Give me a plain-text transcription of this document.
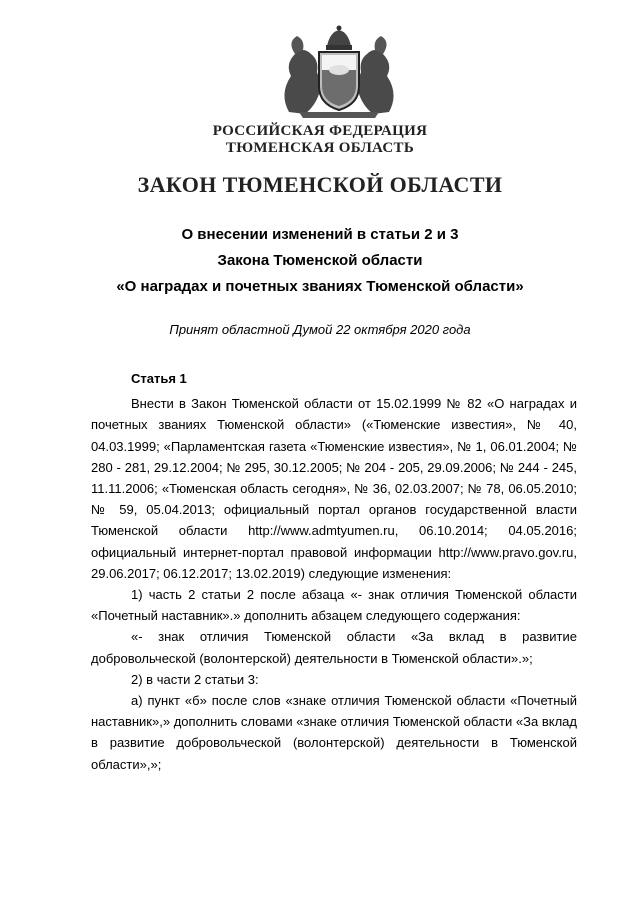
РОССИЙСКАЯ ФЕДЕРАЦИЯ
ТЮМЕНСКАЯ ОБЛАСТЬ
ЗАКОН ТЮМЕНСКОЙ ОБЛАСТИ
О внесении изменений в статьи 2 и 3
Закона Тюменской области
«О наградах и почетных званиях Тюменской области»
Принят областной Думой 22 октября 2020 года
Статья 1

Внести в Закон Тюменской области от 15.02.1999 № 82 «О наградах и почетных званиях Тюменской области» («Тюменские известия», № 40, 04.03.1999; «Парламентская газета «Тюменские известия», № 1, 06.01.2004; № 280 - 281, 29.12.2004; № 295, 30.12.2005; № 204 - 205, 29.09.2006; № 244 - 245, 11.11.2006; «Тюменская область сегодня», № 36, 02.03.2007; № 78, 06.05.2010; № 59, 05.04.2013; официальный портал органов государственной власти Тюменской области http://www.admtyumen.ru, 06.10.2014; 04.05.2016; официальный интернет-портал правовой информации http://www.pravo.gov.ru, 29.06.2017; 06.12.2017; 13.02.2019) следующие изменения:

1) часть 2 статьи 2 после абзаца «- знак отличия Тюменской области «Почетный наставник».» дополнить абзацем следующего содержания:

«- знак отличия Тюменской области «За вклад в развитие добровольческой (волонтерской) деятельности в Тюменской области».»;

2) в части 2 статьи 3:

а) пункт «б» после слов «знаке отличия Тюменской области «Почетный наставник»,» дополнить словами «знаке отличия Тюменской области «За вклад в развитие добровольческой (волонтерской) деятельности в Тюменской области»,»;
